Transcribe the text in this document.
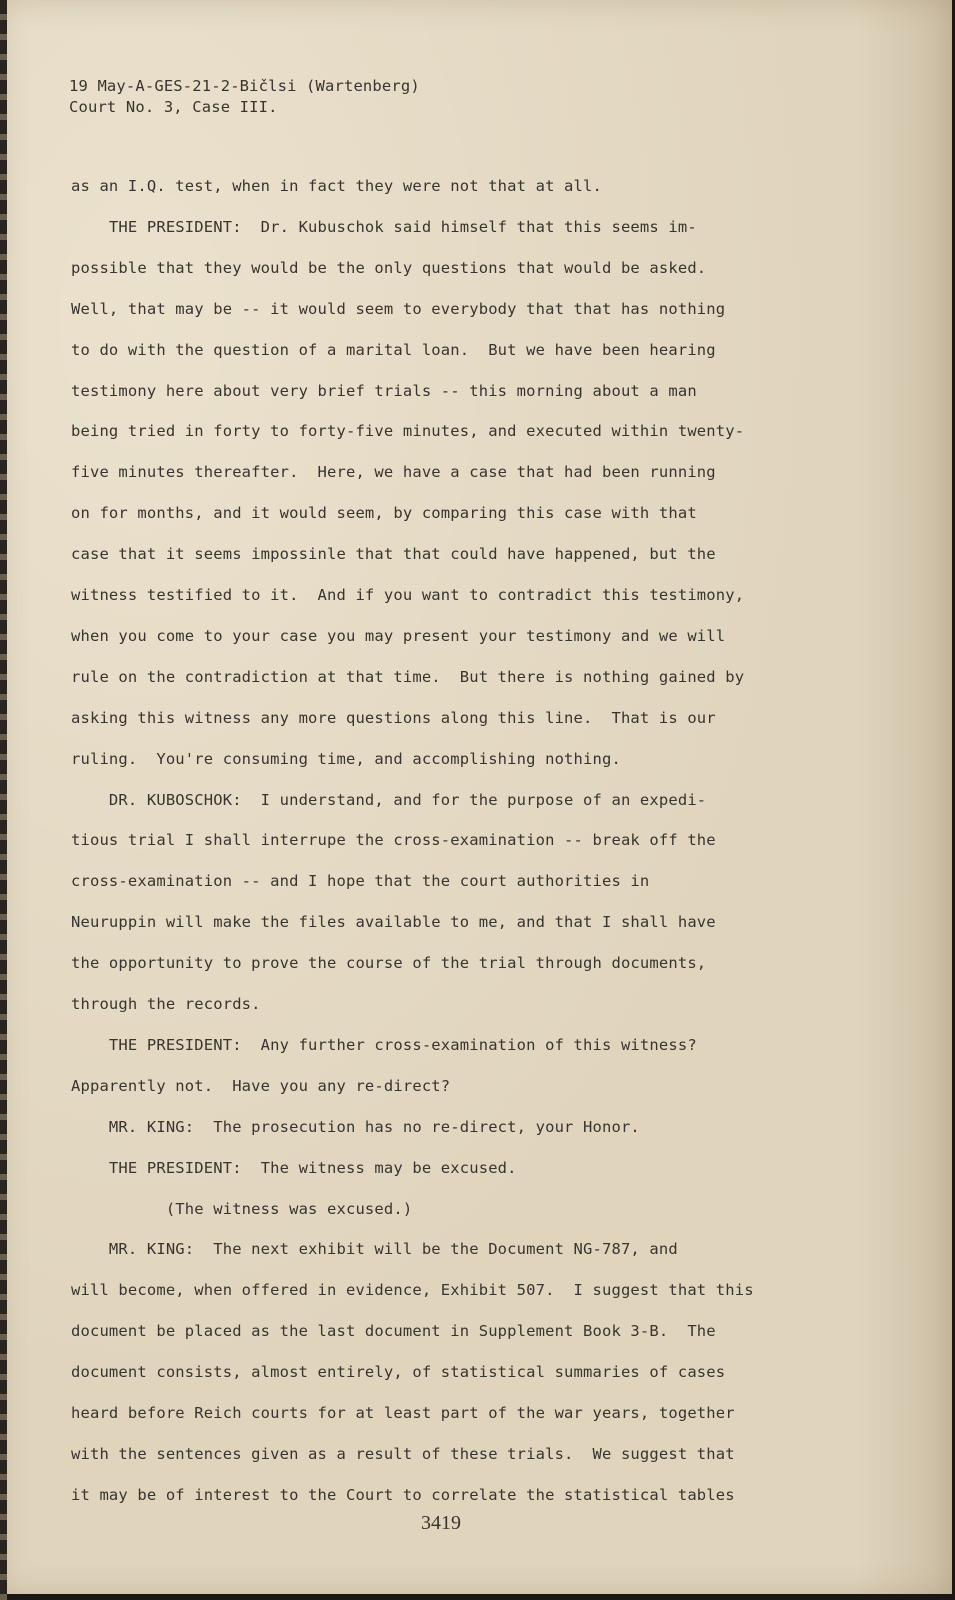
19 May-A-GES-21-2-Bičlsi (Wartenberg)
Court No. 3, Case III.
as an I.Q. test, when in fact they were not that at all.
THE PRESIDENT:  Dr. Kubuschok said himself that this seems im-
possible that they would be the only questions that would be asked.
Well, that may be -- it would seem to everybody that that has nothing
to do with the question of a marital loan.  But we have been hearing
testimony here about very brief trials -- this morning about a man
being tried in forty to forty-five minutes, and executed within twenty-
five minutes thereafter.  Here, we have a case that had been running
on for months, and it would seem, by comparing this case with that
case that it seems impossinle that that could have happened, but the
witness testified to it.  And if you want to contradict this testimony,
when you come to your case you may present your testimony and we will
rule on the contradiction at that time.  But there is nothing gained by
asking this witness any more questions along this line.  That is our
ruling.  You're consuming time, and accomplishing nothing.
DR. KUBOSCHOK:  I understand, and for the purpose of an expedi-
tious trial I shall interrupe the cross-examination -- break off the
cross-examination -- and I hope that the court authorities in
Neuruppin will make the files available to me, and that I shall have
the opportunity to prove the course of the trial through documents,
through the records.
THE PRESIDENT:  Any further cross-examination of this witness?
Apparently not.  Have you any re-direct?
MR. KING:  The prosecution has no re-direct, your Honor.
THE PRESIDENT:  The witness may be excused.
(The witness was excused.)
MR. KING:  The next exhibit will be the Document NG-787, and
will become, when offered in evidence, Exhibit 507.  I suggest that this
document be placed as the last document in Supplement Book 3-B.  The
document consists, almost entirely, of statistical summaries of cases
heard before Reich courts for at least part of the war years, together
with the sentences given as a result of these trials.  We suggest that
it may be of interest to the Court to correlate the statistical tables
3419
